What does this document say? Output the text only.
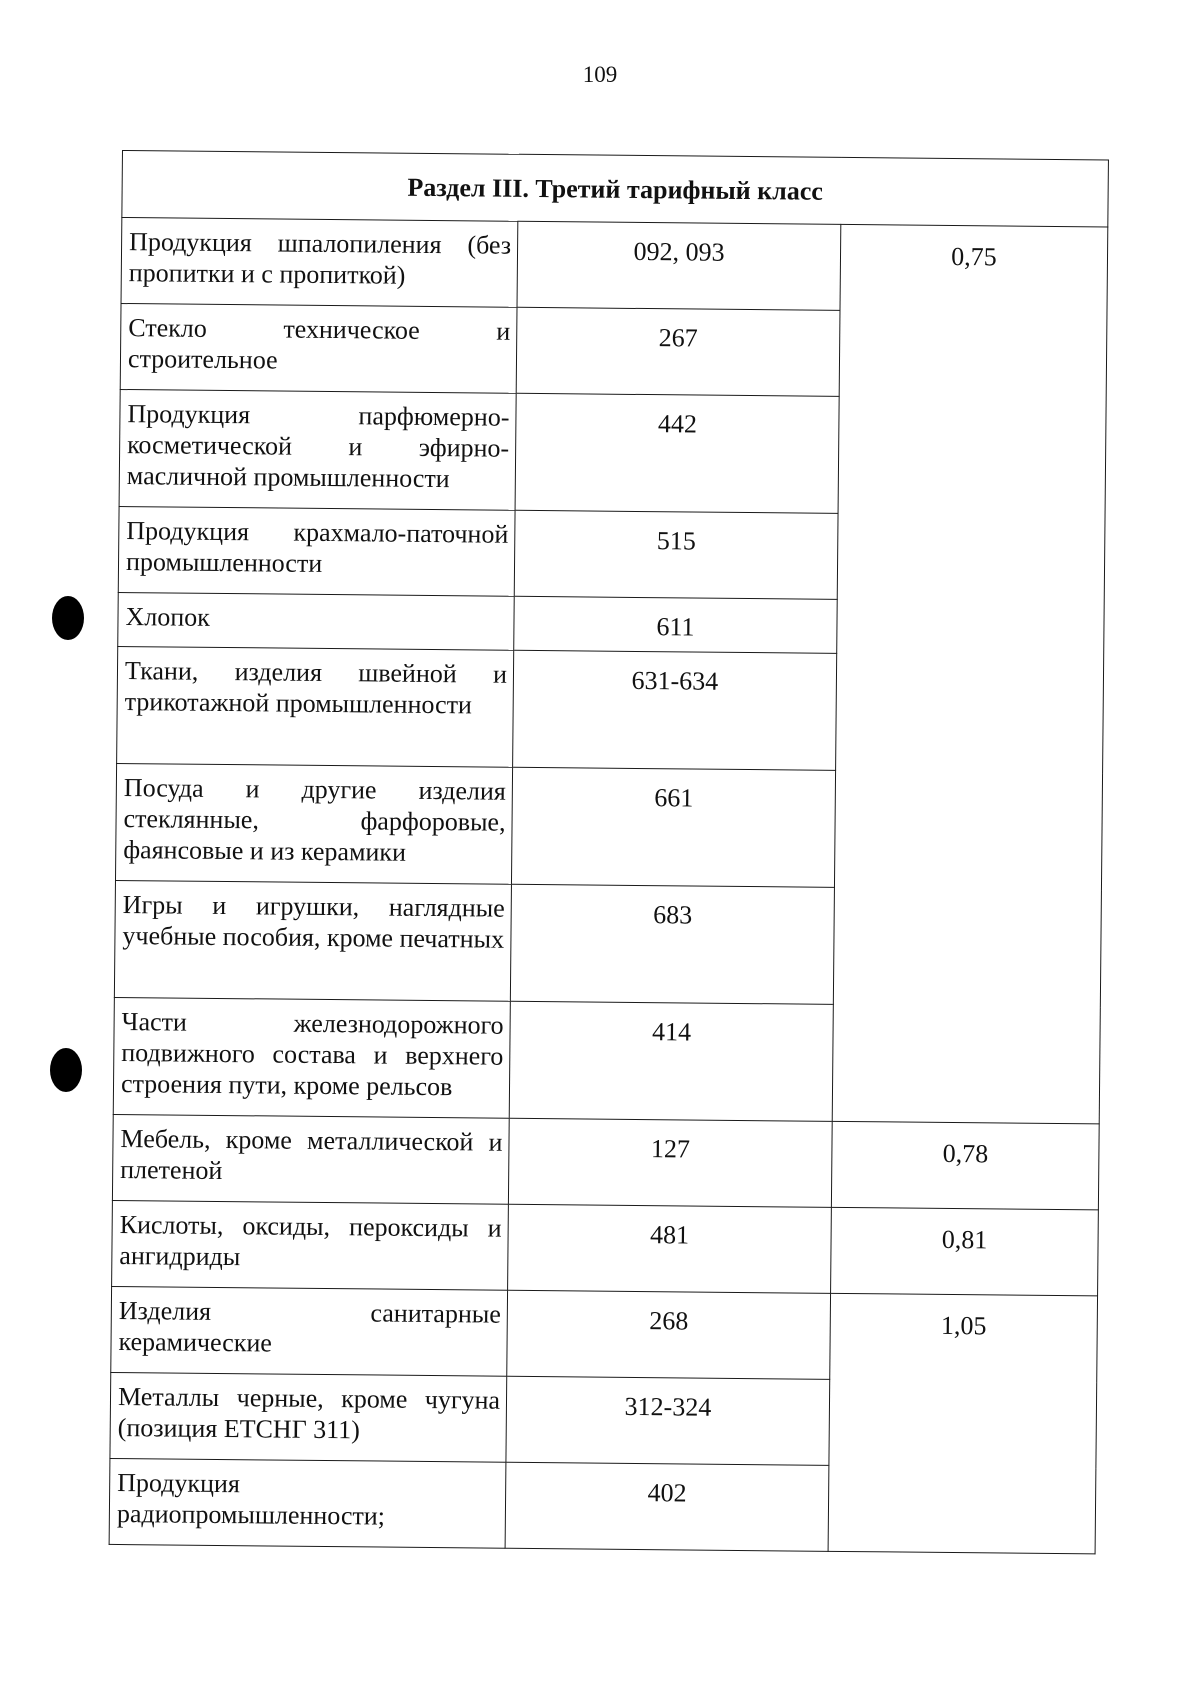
109
Раздел III. Третий тарифный класс		
Продукция шпалопиления (без пропитки и с пропиткой)	092, 093	0,75
Стекло техническое и строительное	267	
Продукция парфюмерно-косметической и эфирно-масличной промышленности	442	
Продукция крахмало-паточной промышленности	515	
Хлопок	611	
Ткани, изделия швейной и трикотажной промышленности	631-634	
Посуда и другие изделия стеклянные, фарфоровые, фаянсовые и из керамики	661	
Игры и игрушки, наглядные учебные пособия, кроме печатных	683	
Части железнодорожного подвижного состава и верхнего строения пути, кроме рельсов	414	
Мебель, кроме металлической и плетеной	127	0,78
Кислоты, оксиды, пероксиды и ангидриды	481	0,81
Изделия санитарные керамические	268	1,05
Металлы черные, кроме чугуна (позиция ЕТСНГ 311)	312-324	
Продукция радиопромышленности;	402	
